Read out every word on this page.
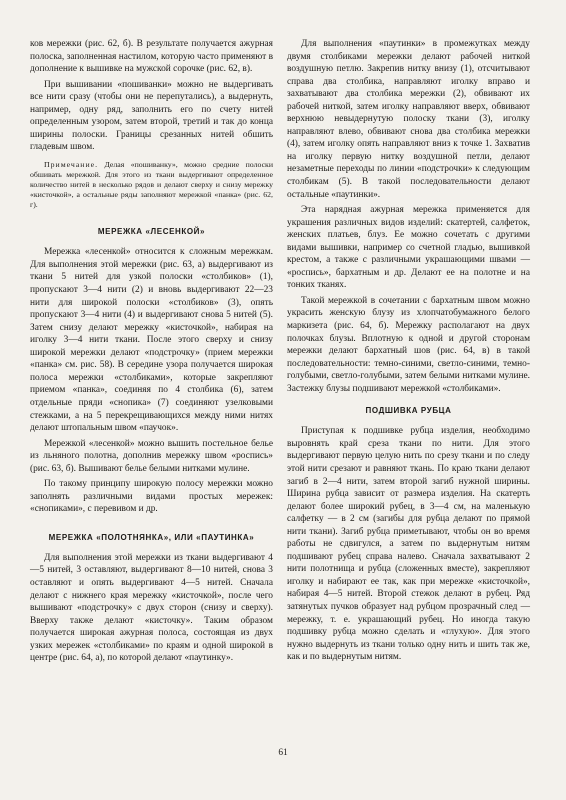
ков мережки (рис. 62, б). В результате получается ажурная полоска, заполненная настилом, которую часто применяют в дополнение к вышивке на мужской сорочке (рис. 62, в).

При вышивании «пошиванки» можно не выдергивать все нити сразу (чтобы они не перепутались), а выдернуть, например, одну ряд, заполнить его по счету нитей определенным узором, затем второй, третий и так до конца ширины полоски. Границы срезанных нитей обшить гладевым швом.

Примечание. Делая «пошиванку», можно средние полоски обшивать мережкой. Для этого из ткани выдергивают определенное количество нитей в несколько рядов и делают сверху и снизу мережку «кисточкой», а остальные ряды заполняют мережкой «панка» (рис. 62, г).

МЕРЕЖКА «ЛЕСЕНКОЙ»

Мережка «лесенкой» относится к сложным мережкам. Для выполнения этой мережки (рис. 63, а) выдергивают из ткани 5 нитей для узкой полоски «столбиков» (1), пропускают 3—4 нити (2) и вновь выдергивают 22—23 нити для широкой полоски «столбиков» (3), опять пропускают 3—4 нити (4) и выдергивают снова 5 нитей (5). Затем снизу делают мережку «кисточкой», набирая на иголку 3—4 нити ткани. После этого сверху и снизу широкой мережки делают «подстрочку» (прием мережки «панка» см. рис. 58). В середине узора получается широкая полоса мережки «столбиками», которые закрепляют приемом «панка», соединяя по 4 столбика (6), затем отдельные пряди «снопика» (7) соединяют узелковыми стежками, а на 5 перекрещивающихся между ними нитях делают штопальным швом «паучок».

Мережкой «лесенкой» можно вышить постельное белье из льняного полотна, дополнив мережку швом «роспись» (рис. 63, б). Вышивают белье белыми нитками мулине.

По такому принципу широкую полосу мережки можно заполнять различными видами простых мережек: «снопиками», с перевивом и др.

МЕРЕЖКА «ПОЛОТНЯНКА», ИЛИ «ПАУТИНКА»

Для выполнения этой мережки из ткани выдергивают 4—5 нитей, 3 оставляют, выдергивают 8—10 нитей, снова 3 оставляют и опять выдергивают 4—5 нитей. Сначала делают с нижнего края мережку «кисточкой», после чего вышивают «подстрочку» с двух сторон (снизу и сверху). Вверху также делают «кисточку». Таким образом получается широкая ажурная полоса, состоящая из двух узких мережек «столбиками» по краям и одной широкой в центре (рис. 64, а), по которой делают «паутинку».

Для выполнения «паутинки» в промежутках между двумя столбиками мережки делают рабочей ниткой воздушную петлю. Закрепив нитку внизу (1), отсчитывают справа два столбика, направляют иголку вправо и захватывают два столбика мережки (2), обвивают их рабочей ниткой, затем иголку направляют вверх, обвивают верхнюю невыдернутую полоску ткани (3), иголку направляют влево, обвивают снова два столбика мережки (4), затем иголку опять направляют вниз к точке 1. Захватив на иголку первую нитку воздушной петли, делают незаметные переходы по линии «подстрочки» к следующим столбикам (5). В такой последовательности делают остальные «паутинки».

Эта нарядная ажурная мережка применяется для украшения различных видов изделий: скатертей, салфеток, женских платьев, блуз. Ее можно сочетать с другими видами вышивки, например со счетной гладью, вышивкой крестом, а также с различными украшающими швами — «роспись», бархатным и др. Делают ее на полотне и на тонких тканях.

Такой мережкой в сочетании с бархатным швом можно украсить женскую блузу из хлопчатобумажного белого маркизета (рис. 64, б). Мережку располагают на двух полочках блузы. Вплотную к одной и другой сторонам мережки делают бархатный шов (рис. 64, в) в такой последовательности: темно-синими, светло-синими, темно-голубыми, светло-голубыми, затем белыми нитками мулине. Застежку блузы подшивают мережкой «столбиками».

ПОДШИВКА РУБЦА

Приступая к подшивке рубца изделия, необходимо выровнять край среза ткани по нити. Для этого выдергивают первую целую нить по срезу ткани и по следу этой нити срезают и равняют ткань. По краю ткани делают загиб в 2—4 нити, затем второй загиб нужной ширины. Ширина рубца зависит от размера изделия. На скатерть делают более широкий рубец, в 3—4 см, на маленькую салфетку — в 2 см (загибы для рубца делают по прямой нити ткани). Загиб рубца приметывают, чтобы он во время работы не сдвигулся, а затем по выдернутым нитям подшивают рубец справа налево. Сначала захватывают 2 нити полотнища и рубца (сложенных вместе), закрепляют иголку и набирают ее так, как при мережке «кисточкой», набирая 4—5 нитей. Второй стежок делают в рубец. Ряд затянутых пучков образует над рубцом прозрачный след — мережку, т. е. украшающий рубец. Но иногда такую подшивку рубца можно сделать и «глухую». Для этого нужно выдернуть из ткани только одну нить и шить так же, как и по выдернутым нитям.

61
